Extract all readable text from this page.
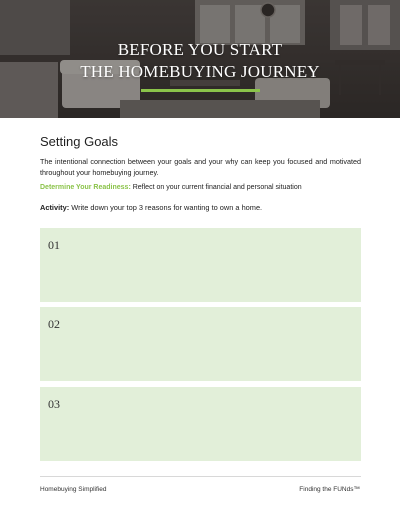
BEFORE YOU START
THE HOMEBUYING JOURNEY
Setting Goals
The intentional connection between your goals and your why can keep you focused and motivated throughout your homebuying journey.
Determine Your Readiness: Reflect on your current financial and personal situation
Activity: Write down your top 3 reasons for wanting to own a home.
01
02
03
Homebuying Simplified	Finding the FUNds™
